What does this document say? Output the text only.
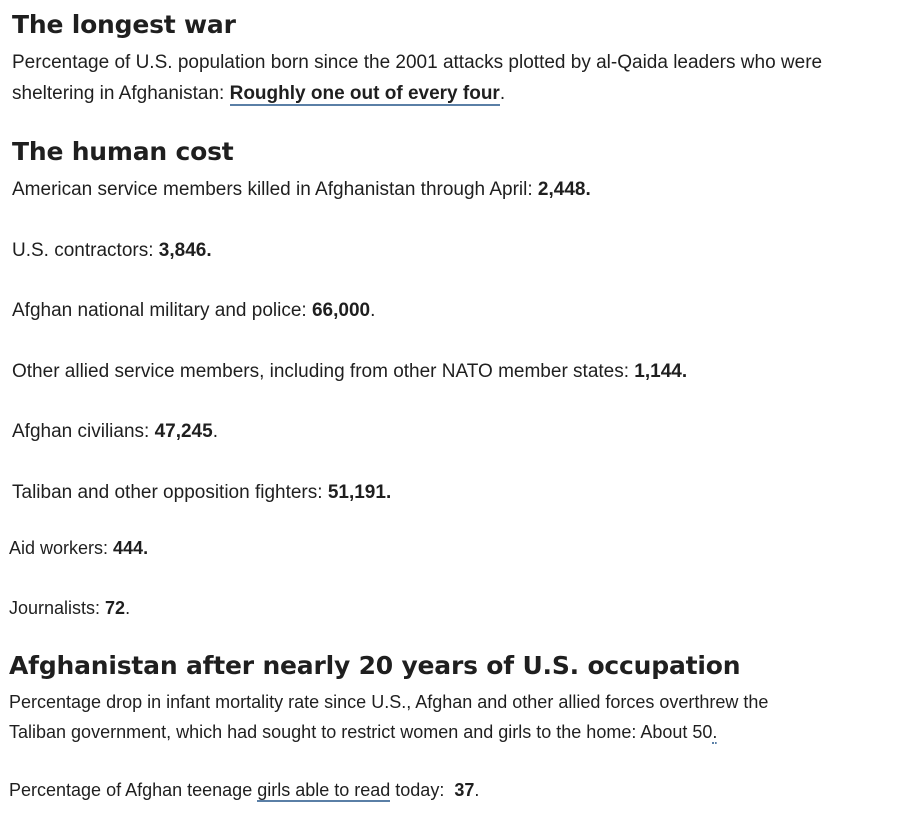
The longest war

Percentage of U.S. population born since the 2001 attacks plotted by al-Qaida leaders who were

sheltering in Afghanistan: Roughly one out of every four.

The human cost

American service members killed in Afghanistan through April: 2,448.

U.S. contractors: 3,846.

Afghan national military and police: 66,000.

Other allied service members, including from other NATO member states: 1,144.

Afghan civilians: 47,245.

Taliban and other opposition fighters: 51,191.

Aid workers: 444.

Journalists: 72.

Afghanistan after nearly 20 years of U.S. occupation

Percentage drop in infant mortality rate since U.S., Afghan and other allied forces overthrew the

Taliban government, which had sought to restrict women and girls to the home: About 50.

Percentage of Afghan teenage girls able to read today:  37.
